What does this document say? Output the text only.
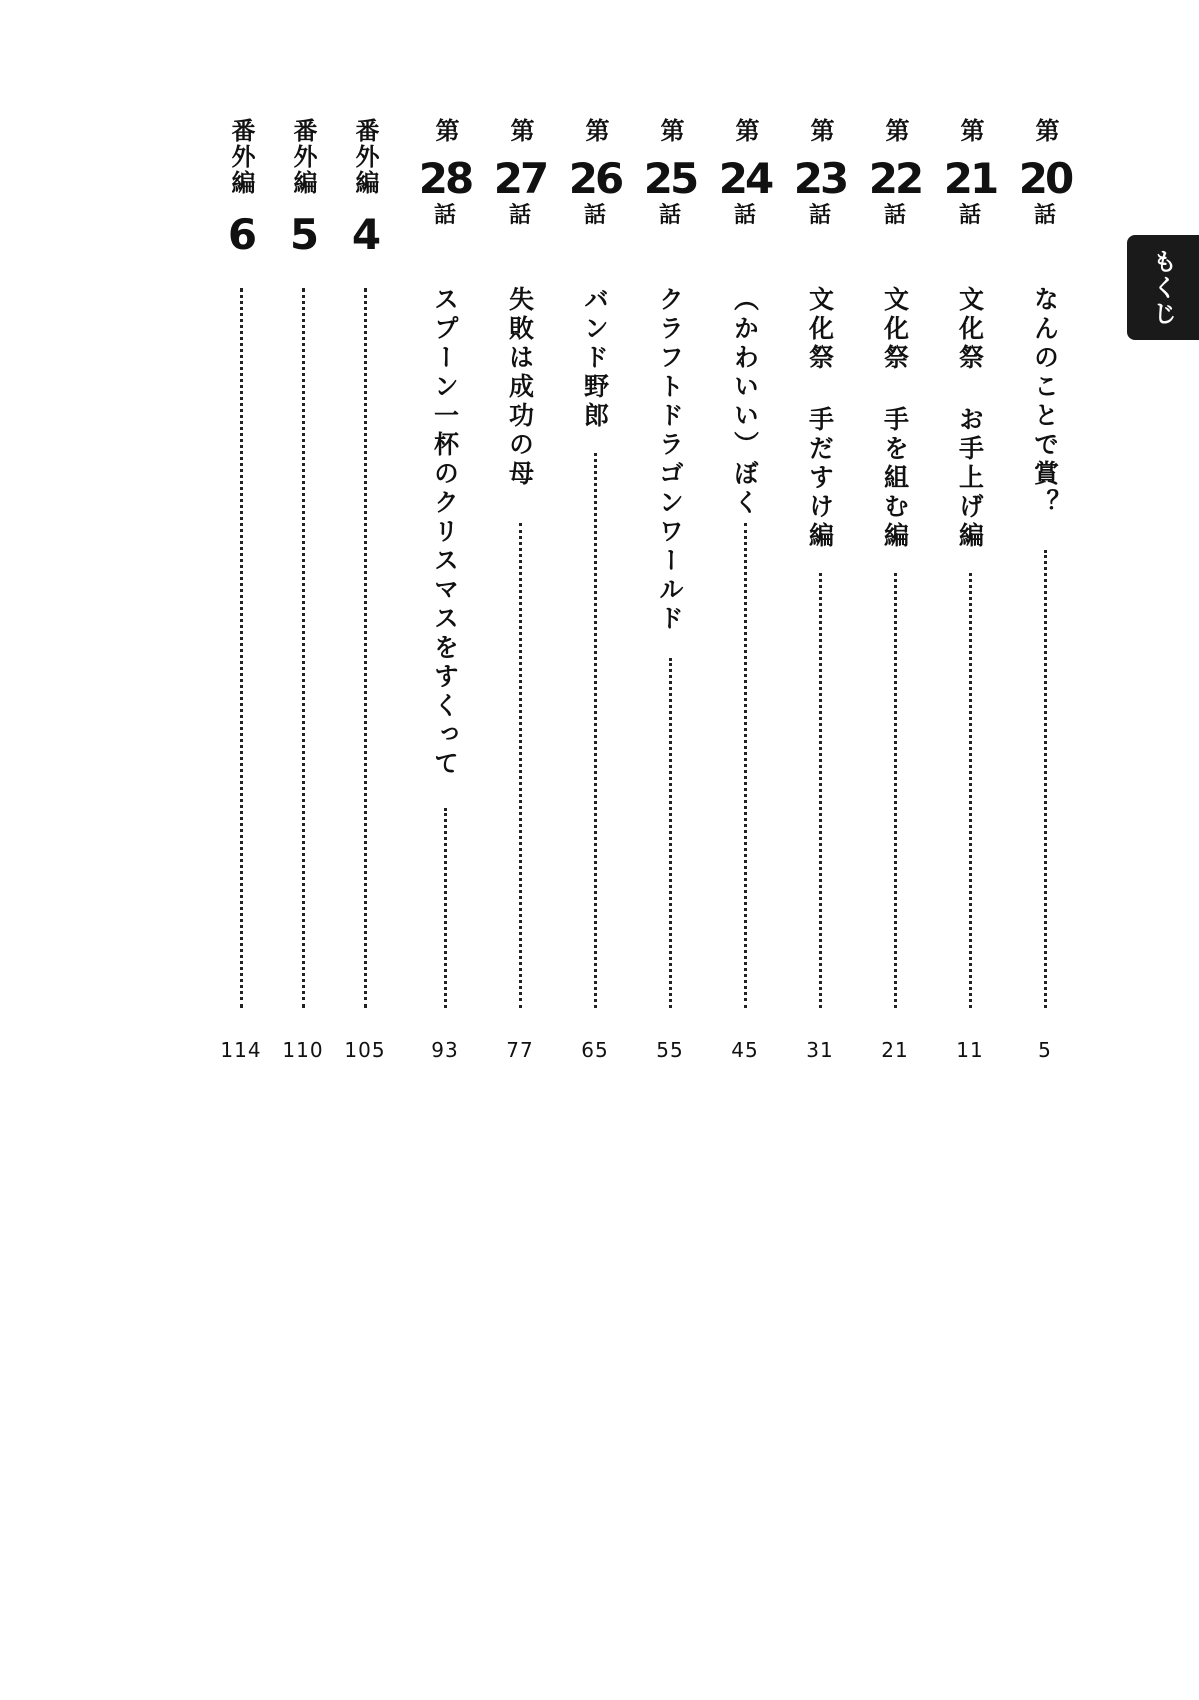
第
20
話
なんのことで賞？
5
第
21
話
文化祭 お手上げ編
11
第
22
話
文化祭 手を組む編
21
第
23
話
文化祭 手だすけ編
31
第
24
話
（かわいい）ぼく
45
第
25
話
クラフトドラゴンワールド
55
第
26
話
バンド野郎
65
第
27
話
失敗は成功の母
77
第
28
話
スプーン一杯のクリスマスをすくって
93
番外編
4
105
番外編
5
110
番外編
6
114
もくじ
